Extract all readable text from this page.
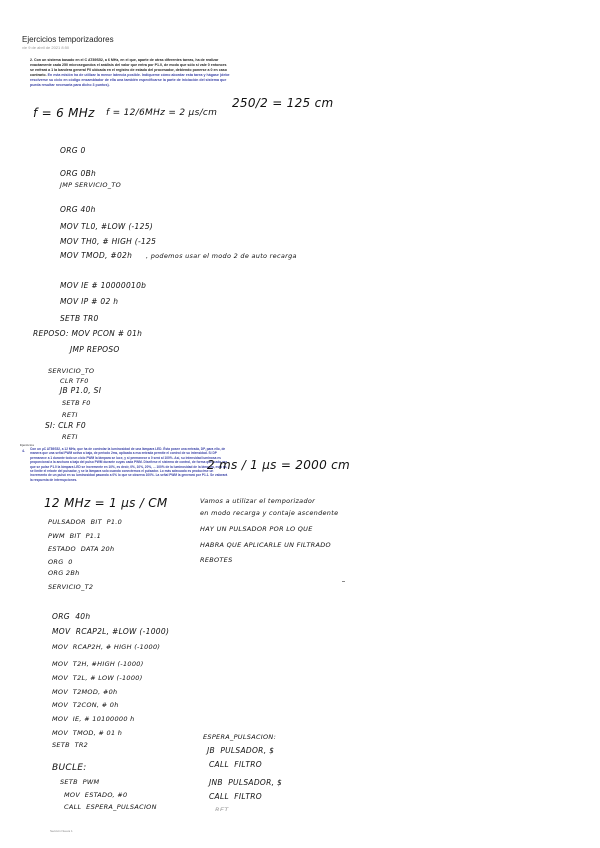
Ejercicios temporizadores
vie 9 de abril de 2021 8:50
2. Con un sistema basado en el C AT89S52, a 6 MHz, en el que, aparte de otras diferentes tareas, ha de realizar exactamente cada 250 microsegundos el análisis del valor que entra por P1.0, de modo que sólo si vale 0 entonces se enfrará a 1 la bandera general F0 ubicada en el registro de estado del procesador, debiendo ponerse a 0 en caso contrario. En esta misión ha de utilizar la menor latencia posible. Indíqueme cómo abordar esta tarea y hágase (debe resolverse su ciclo en código ensamblador de ella una también especificarse la parte de iniciación del sistema que pueda resultar necesaria para dicho 3 puntos).
f = 6 MHz f = 12/6MHz = 2 µs/cm
250/2 = 125 cm
ORG 0
ORG 0Bh
JMP SERVICIO_TO
ORG 40h
MOV TL0, #LOW (-125)
MOV TH0, # HIGH (-125
MOV TMOD, #02h , podemos usar el modo 2 de auto recarga
MOV IE # 10000010b
MOV IP # 02 h
SETB TR0
REPOSO: MOV PCON # 01h
JMP REPOSO
SERVICIO_TO
CLR TF0
JB P1.0, SI
SETB F0
RETI
SI: CLR F0
RETI
Ejercicios
4. Con un µC AT89S52, a 12 MHz, que ha de controlar la luminosidad de una lámpara LED. Ésta posee una entrada, DP, para ello, de manera que una señal PWM activa a baja, de periodo 2ms, aplicada a esa entrada permite el control de su intensidad. Si DP permanece a 1 durante todo un ciclo PWM la lámpara se luce, y si permanece a 0 será al 100%. Así, su intensidad luminosa es proporcional a la anchura a baja del pulso PWM durante cuyas cada PWM. Diseñese el sistema de control, de forma que, cada vez que se pulse P1.0 la lámpara LED se incremente en 10%, es decir, 0%, 10%, 20%, ... 100% de la luminosidad de la lámpara, esto es, se limite el rebote del pulsador, y se la lámpara solo cuando conectemos el pulsador. Lo más adecuado es producirse un incremento de un pulsó en su luminosidad pasando a 0% lo que se observa 100%. La señal PWM la generará por P1.1. Se valorará la respuesta de interrupciones.
2 ms / 1 µs = 2000 cm
12 MHz = 1 µs / CM	Vamos a utilizar el temporizador
en modo recarga y contaje ascendente
HAY UN PULSADOR POR LO QUE
HABRA QUE APLICARLE UN FILTRADO
REBOTES
PULSADOR  BIT  P1.0
PWM  BIT  P1.1
ESTADO  DATA 20h
ORG  0
ORG 2Bh
SERVICIO_T2
ORG  40h
MOV  RCAP2L, #LOW (-1000)
MOV  RCAP2H, # HIGH (-1000)
MOV  T2H, #HIGH (-1000)
MOV  T2L, # LOW (-1000)
MOV  T2MOD, #0h
MOV  T2CON, # 0h
MOV  IE, # 10100000 h
MOV  TMOD, # 01 h
SETB  TR2
BUCLE:
SETB  PWM
MOV  ESTADO, #0
CALL  ESPERA_PULSACION
ESPERA_PULSACION:
JB  PULSADOR, $
CALL  FILTRO
JNB  PULSADOR, $
CALL  FILTRO
RET
Sección Nueva 1
